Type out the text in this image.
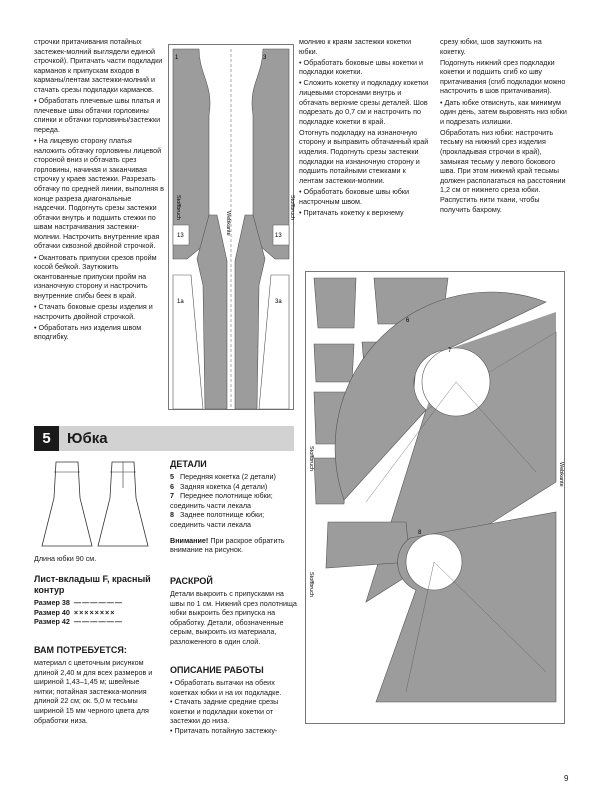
строчки притачивания потайных застежек-молний выглядели единой строчкой). Притачать части подкладки карманов к припускам входов в карманы/лентам застежки-молний и стачать срезы подкладки карманов.

• Обработать плечевые швы платья и плечевые швы обтачки горловины спинки и обтачки горловины/застежки переда.

• На лицевую сторону платья наложить обтачку горловины лицевой стороной вниз и обтачать срез горловины, начиная и заканчивая строчку у краев застежки. Разрезать обтачку по средней линии, выполняя в конце разреза диагональные надсечки. Подогнуть срезы застежки обтачки внутрь и подшить стежки по швам настрачивания застежки-молнии. Настрочить внутренние края обтачки сквозной двойной строчкой.

• Окантовать припуски срезов пройм косой бейкой. Заутюжить окантованные припуски пройм на изнаночную сторону и настрочить внутренние сгибы беек в край.

• Стачать боковые срезы изделия и настрочить двойной строчкой.

• Обработать низ изделия швом вподгибку.

1	3
13	13
1a	3a
Stoffbruch	Stoffbruch
Webkante

молнию к краям застежки кокетки юбки.

• Обработать боковые швы кокетки и подкладки кокетки.

• Сложить кокетку и подкладку кокетки лицевыми сторонами внутрь и обтачать верхние срезы деталей. Шов подрезать до 0,7 см и настрочить по подкладке кокетки в край.

Отогнуть подкладку на изнаночную сторону и выправить обтачанный край изделия. Подогнуть срезы застежки подкладки на изнаночную сторону и подшить потайными стежками к лентам застежки-молнии.

• Обработать боковые швы юбки настрочным швом.

• Притачать кокетку к верхнему

срезу юбки, шов заутюжить на кокетку.

Подогнуть нижний срез подкладки кокетки и подшить сгиб ко шву притачивания (сгиб подкладки можно настрочить в шов притачивания).

• Дать юбке отвиснуть, как минимум один день, затем выровнять низ юбки и подрезать излишки.

Обработать низ юбки: настрочить тесьму на нижний срез изделия (прокладывая строчки в край), замыкая тесьму у левого бокового шва. При этом нижний край тесьмы должен располагаться на расстоянии 1,2 см от нижнего среза юбки. Распустить нити ткани, чтобы получить бахрому.

5	Юбка
Длина юбки 90 см.
Лист-вкладыш F, красный контур
Размер 38	——————
Размер 40	××××××××
Размер 42	——————
ВАМ ПОТРЕБУЕТСЯ:
материал с цветочным рисунком длиной 2,40 м для всех размеров и шириной 1,43–1,45 м; швейные нитки; потайная застежка-молния длиной 22 см; ок. 5,0 м тесьмы шириной 15 мм черного цвета для обработки низа.
ДЕТАЛИ
5 Передняя кокетка (2 детали)
6 Задняя кокетка (4 детали)
7 Переднее полотнище юбки; соединить части лекала
8 Заднее полотнище юбки; соединить части лекала
Внимание! При раскрое обратить внимание на рисунок.
РАСКРОЙ
Детали выкроить с припусками на швы по 1 см. Нижний срез полотнища юбки выкроить без припуска на обработку. Детали, обозначенные серым, выкроить из материала, разложенного в один слой.
ОПИСАНИЕ РАБОТЫ
• Обработать вытачки на обеих кокетках юбки и на их подкладке.
• Стачать задние средние срезы кокетки и подкладки кокетки от застежки до низа.
• Притачать потайную застежку-
6
7
8
Stoffbruch
Stoffbruch
Webkante
9
